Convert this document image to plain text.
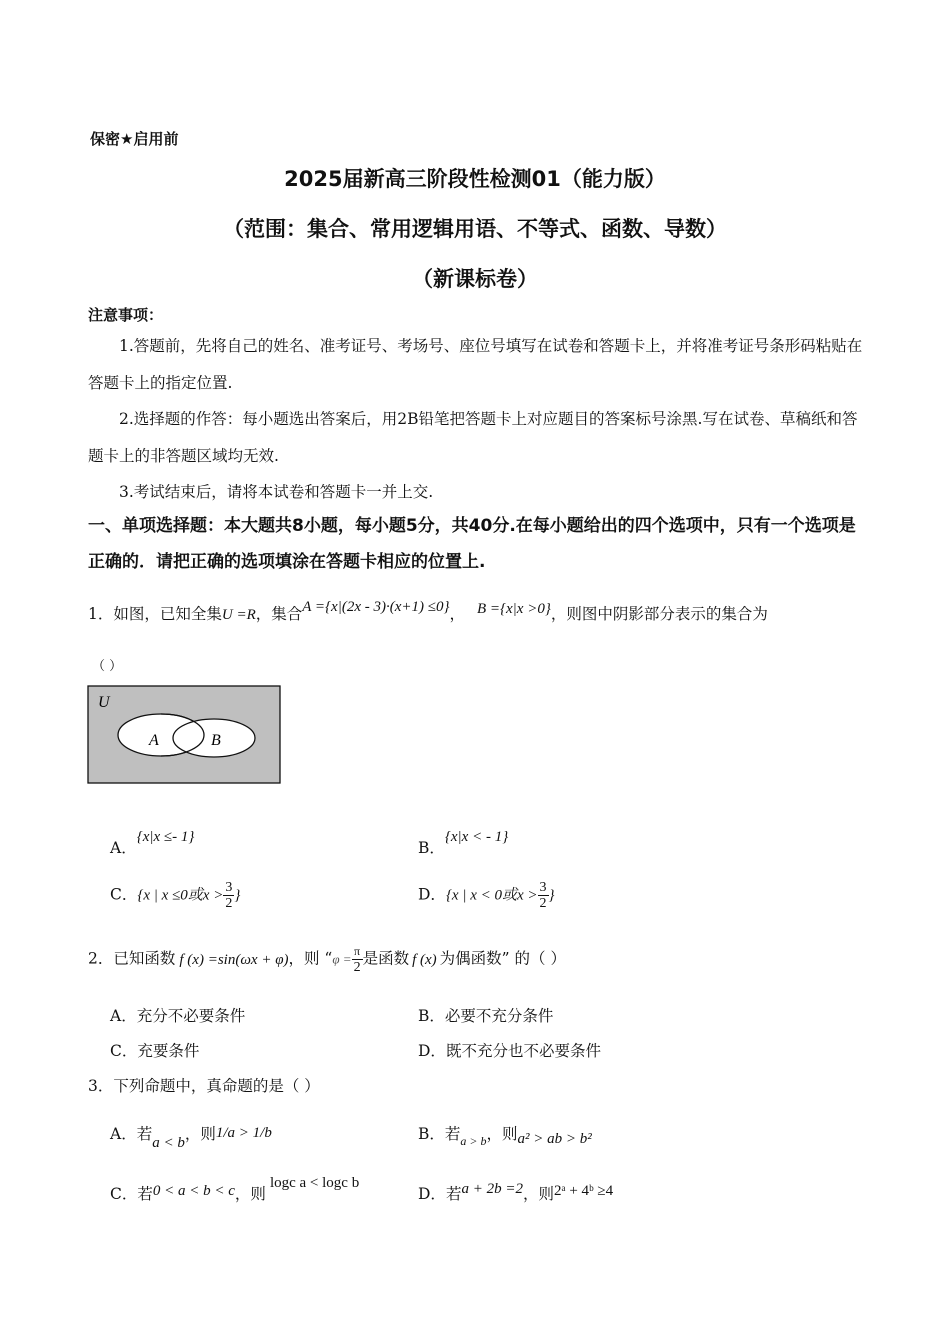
保密★启用前
2025届新高三阶段性检测01（能力版）
（范围：集合、常用逻辑用语、不等式、函数、导数）
（新课标卷）
注意事项：
1.答题前，先将自己的姓名、准考证号、考场号、座位号填写在试卷和答题卡上，并将准考证号条形码粘贴在答题卡上的指定位置.
2.选择题的作答：每小题选出答案后，用2B铅笔把答题卡上对应题目的答案标号涂黑.写在试卷、草稿纸和答题卡上的非答题区域均无效.
3.考试结束后，请将本试卷和答题卡一并上交.
一、单项选择题：本大题共8小题，每小题5分，共40分.在每小题给出的四个选项中，只有一个选项是正确的．请把正确的选项填涂在答题卡相应的位置上.
1．如图，已知全集U =R，集合A ={x|(2x - 3)·(x+1) ≤0}， B ={x|x >0}，则图中阴影部分表示的集合为
（ ）
U
A	B
A．{x|x ≤- 1}
B．{x|x < - 1}
C．{x | x ≤0或$x > \frac{3}{2}$ }	D．{x | x < 0或$x > \frac{3}{2}$ }
2．已知函数 f (x) =sin(ωx + φ)，则 “$\varphi = \frac{\pi}{2}$ 是函数 f (x) 为偶函数” 的（ ）
A．充分不必要条件	B．必要不充分条件
C．充要条件	D．既不充分也不必要条件
3．下列命题中，真命题的是（ ）
A．若a < b，则1/a > 1/b	B．若$_{a > b}$，则a² > ab > b²
C．若0 < a < b < c，则logc a < logc b
D．若a + 2b =2，则2ᵃ + 4ᵇ ≥4
